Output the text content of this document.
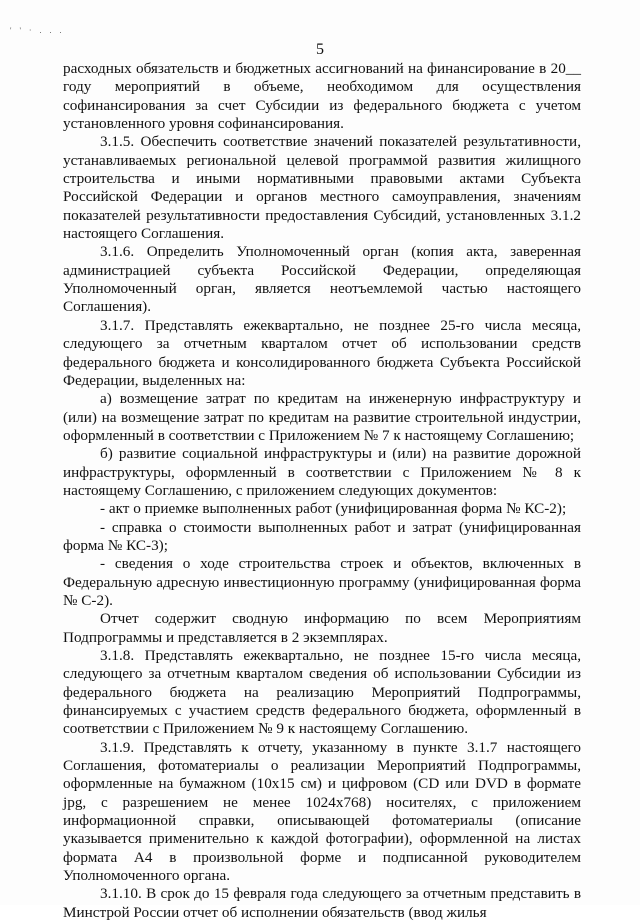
' ' · . . .
5

расходных обязательств и бюджетных ассигнований на финансирование в 20__ году мероприятий в объеме, необходимом для осуществления софинансирования за счет Субсидии из федерального бюджета с учетом установленного уровня софинансирования.

3.1.5. Обеспечить соответствие значений показателей результативности, устанавливаемых региональной целевой программой развития жилищного строительства и иными нормативными правовыми актами Субъекта Российской Федерации и органов местного самоуправления, значениям показателей результативности предоставления Субсидий, установленных 3.1.2 настоящего Соглашения.

3.1.6. Определить Уполномоченный орган (копия акта, заверенная администрацией субъекта Российской Федерации, определяющая Уполномоченный орган, является неотъемлемой частью настоящего Соглашения).

3.1.7. Представлять ежеквартально, не позднее 25-го числа месяца, следующего за отчетным кварталом отчет об использовании средств федерального бюджета и консолидированного бюджета Субъекта Российской Федерации, выделенных на:

а) возмещение затрат по кредитам на инженерную инфраструктуру и (или) на возмещение затрат по кредитам на развитие строительной индустрии, оформленный в соответствии с Приложением № 7 к настоящему Соглашению;

б) развитие социальной инфраструктуры и (или) на развитие дорожной инфраструктуры, оформленный в соответствии с Приложением № 8 к настоящему Соглашению, с приложением следующих документов:

- акт о приемке выполненных работ (унифицированная форма № КС-2);

- справка о стоимости выполненных работ и затрат (унифицированная форма № КС-3);

- сведения о ходе строительства строек и объектов, включенных в Федеральную адресную инвестиционную программу (унифицированная форма № С-2).

Отчет содержит сводную информацию по всем Мероприятиям Подпрограммы и представляется в 2 экземплярах.

3.1.8. Представлять ежеквартально, не позднее 15-го числа месяца, следующего за отчетным кварталом сведения об использовании Субсидии из федерального бюджета на реализацию Мероприятий Подпрограммы, финансируемых с участием средств федерального бюджета, оформленный в соответствии с Приложением № 9 к настоящему Соглашению.

3.1.9. Представлять к отчету, указанному в пункте 3.1.7 настоящего Соглашения, фотоматериалы о реализации Мероприятий Подпрограммы, оформленные на бумажном (10x15 см) и цифровом (CD или DVD в формате jpg, с разрешением не менее 1024x768) носителях, с приложением информационной справки, описывающей фотоматериалы (описание указывается применительно к каждой фотографии), оформленной на листах формата А4 в произвольной форме и подписанной руководителем Уполномоченного органа.

3.1.10. В срок до 15 февраля года следующего за отчетным представить в Минстрой России отчет об исполнении обязательств (ввод жилья
